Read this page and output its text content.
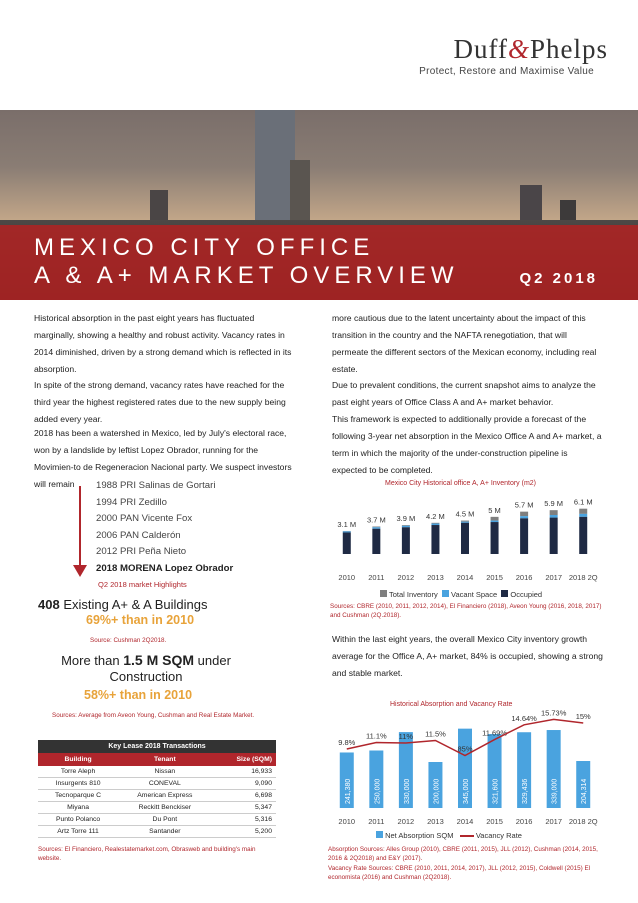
Duff&Phelps
Protect, Restore and Maximise Value
MEXICO CITY OFFICE
A & A+ MARKET OVERVIEW	Q2 2018
Historical absorption in the past eight years has fluctuated marginally, showing a healthy and robust activity. Vacancy rates in 2014 diminished, driven by a strong demand which is reflected in its absorption.
In spite of the strong demand, vacancy rates have reached for the third year the highest registered rates due to the new supply being added every year.
2018 has been a watershed in Mexico, led by July's electoral race, won by a landslide by leftist Lopez Obrador, running for the Movimien-to de Regeneracion Nacional party. We suspect investors will remain
more cautious due to the latent uncertainty about the impact of this transition in the country and the NAFTA renegotiation, that will permeate the different sectors of the Mexican economy, including real estate.
Due to prevalent conditions, the current snapshot aims to analyze the past eight years of Office Class A and A+ market behavior.
This framework is expected to additionally provide a forecast of the following 3-year net absorption in the Mexico Office A and A+ market, a term in which the majority of the under-construction pipeline is expected to be completed.
1988 PRI Salinas de Gortari
1994 PRI Zedillo
2000 PAN Vicente Fox
2006 PAN Calderón
2012 PRI Peña Nieto
2018 MORENA Lopez Obrador
Q2 2018 market Highlights
408 Existing A+ & A Buildings
69%+ than in 2010
Source: Cushman 2Q2018.
More than 1.5 M SQM under Construction
58%+ than in 2010
Sources: Average from Aveon Young, Cushman and Real Estate Market.
Key Lease 2018 Transactions
Building	Tenant	Size (SQM)
Torre Aleph	Nissan	16,933
Insurgents 810	CONEVAL	9,090
Tecnoparque C	American Express	6,698
Miyana	Reckitt Benckiser	5,347
Punto Polanco	Du Pont	5,316
Artz Torre 111	Santander	5,200
Sources: El Financiero, Realestatemarket.com, Obrasweb and building's main website.
Mexico City Historical office A, A+ Inventory (m2)
3.1 M
2010
3.7 M
2011
3.9 M
2012
4.2 M
2013
4.5 M
2014
5 M
2015
5.7 M
2016
5.9 M
2017
6.1 M
2018 2Q
Total Inventory Vacant Space Occupied
Sources: CBRE (2010, 2011, 2012, 2014), El Financiero (2018), Aveon Young (2016, 2018, 2017) and Cushman (2Q.2018).
Within the last eight years, the overall Mexico City inventory growth average for the Office A, A+ market, 84% is occupied, showing a strong and stable market.
Historical Absorption and Vacancy Rate
241,380
9.8%
2010
250,000
11.1%
2011
330,000
11%
2012
200,000
11.5%
2013
345,000
85%
2014
321,600
11.69%
2015
329,436
14.64%
2016
339,000
15.73%
2017
204,314
15%
2018 2Q
Net Absorption SQM	Vacancy Rate
Absorption Sources: Alles Group (2010), CBRE (2011, 2015), JLL (2012), Cushman (2014, 2015, 2016 & 2Q2018) and E&Y (2017).
Vacancy Rate Sources: CBRE (2010, 2011, 2014, 2017), JLL (2012, 2015), Coldwell (2015) El economista (2016) and Cushman (2Q2018).
